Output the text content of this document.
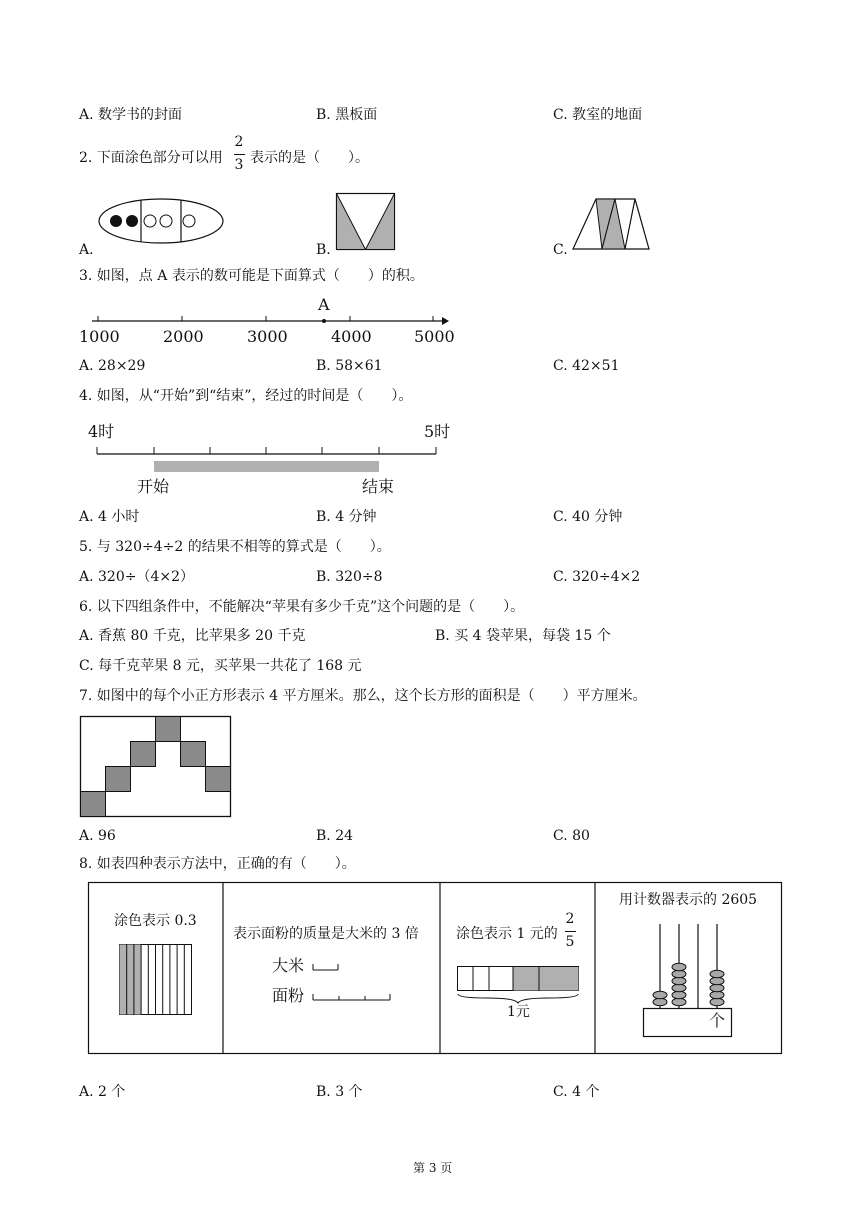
A. 数学书的封面	B. 黑板面	C. 教室的地面
2. 下面涂色部分可以用
2
3 表示的是（　　）。
A.	B.	C.
3. 如图，点 A 表示的数可能是下面算式（　　）的积。
A
1000	2000	3000	4000	5000
A. 28×29	B. 58×61	C. 42×51
4. 如图，从“开始”到“结束”，经过的时间是（　　）。
4时	5时
开始	结束
A. 4 小时	B. 4 分钟	C. 40 分钟
5. 与 320÷4÷2 的结果不相等的算式是（　　）。
A. 320÷（4×2）	B. 320÷8	C. 320÷4×2
6. 以下四组条件中，不能解决“苹果有多少千克”这个问题的是（　　）。
A. 香蕉 80 千克，比苹果多 20 千克	B. 买 4 袋苹果，每袋 15 个
C. 每千克苹果 8 元，买苹果一共花了 168 元
7. 如图中的每个小正方形表示 4 平方厘米。那么，这个长方形的面积是（　　）平方厘米。
A. 96	B. 24	C. 80
8. 如表四种表示方法中，正确的有（　　）。
涂色表示 0.3
表示面粉的质量是大米的 3 倍
大米
面粉
涂色表示 1 元的
2
5
1元
用计数器表示的 2605
个
A. 2 个	B. 3 个	C. 4 个
第 3 页
